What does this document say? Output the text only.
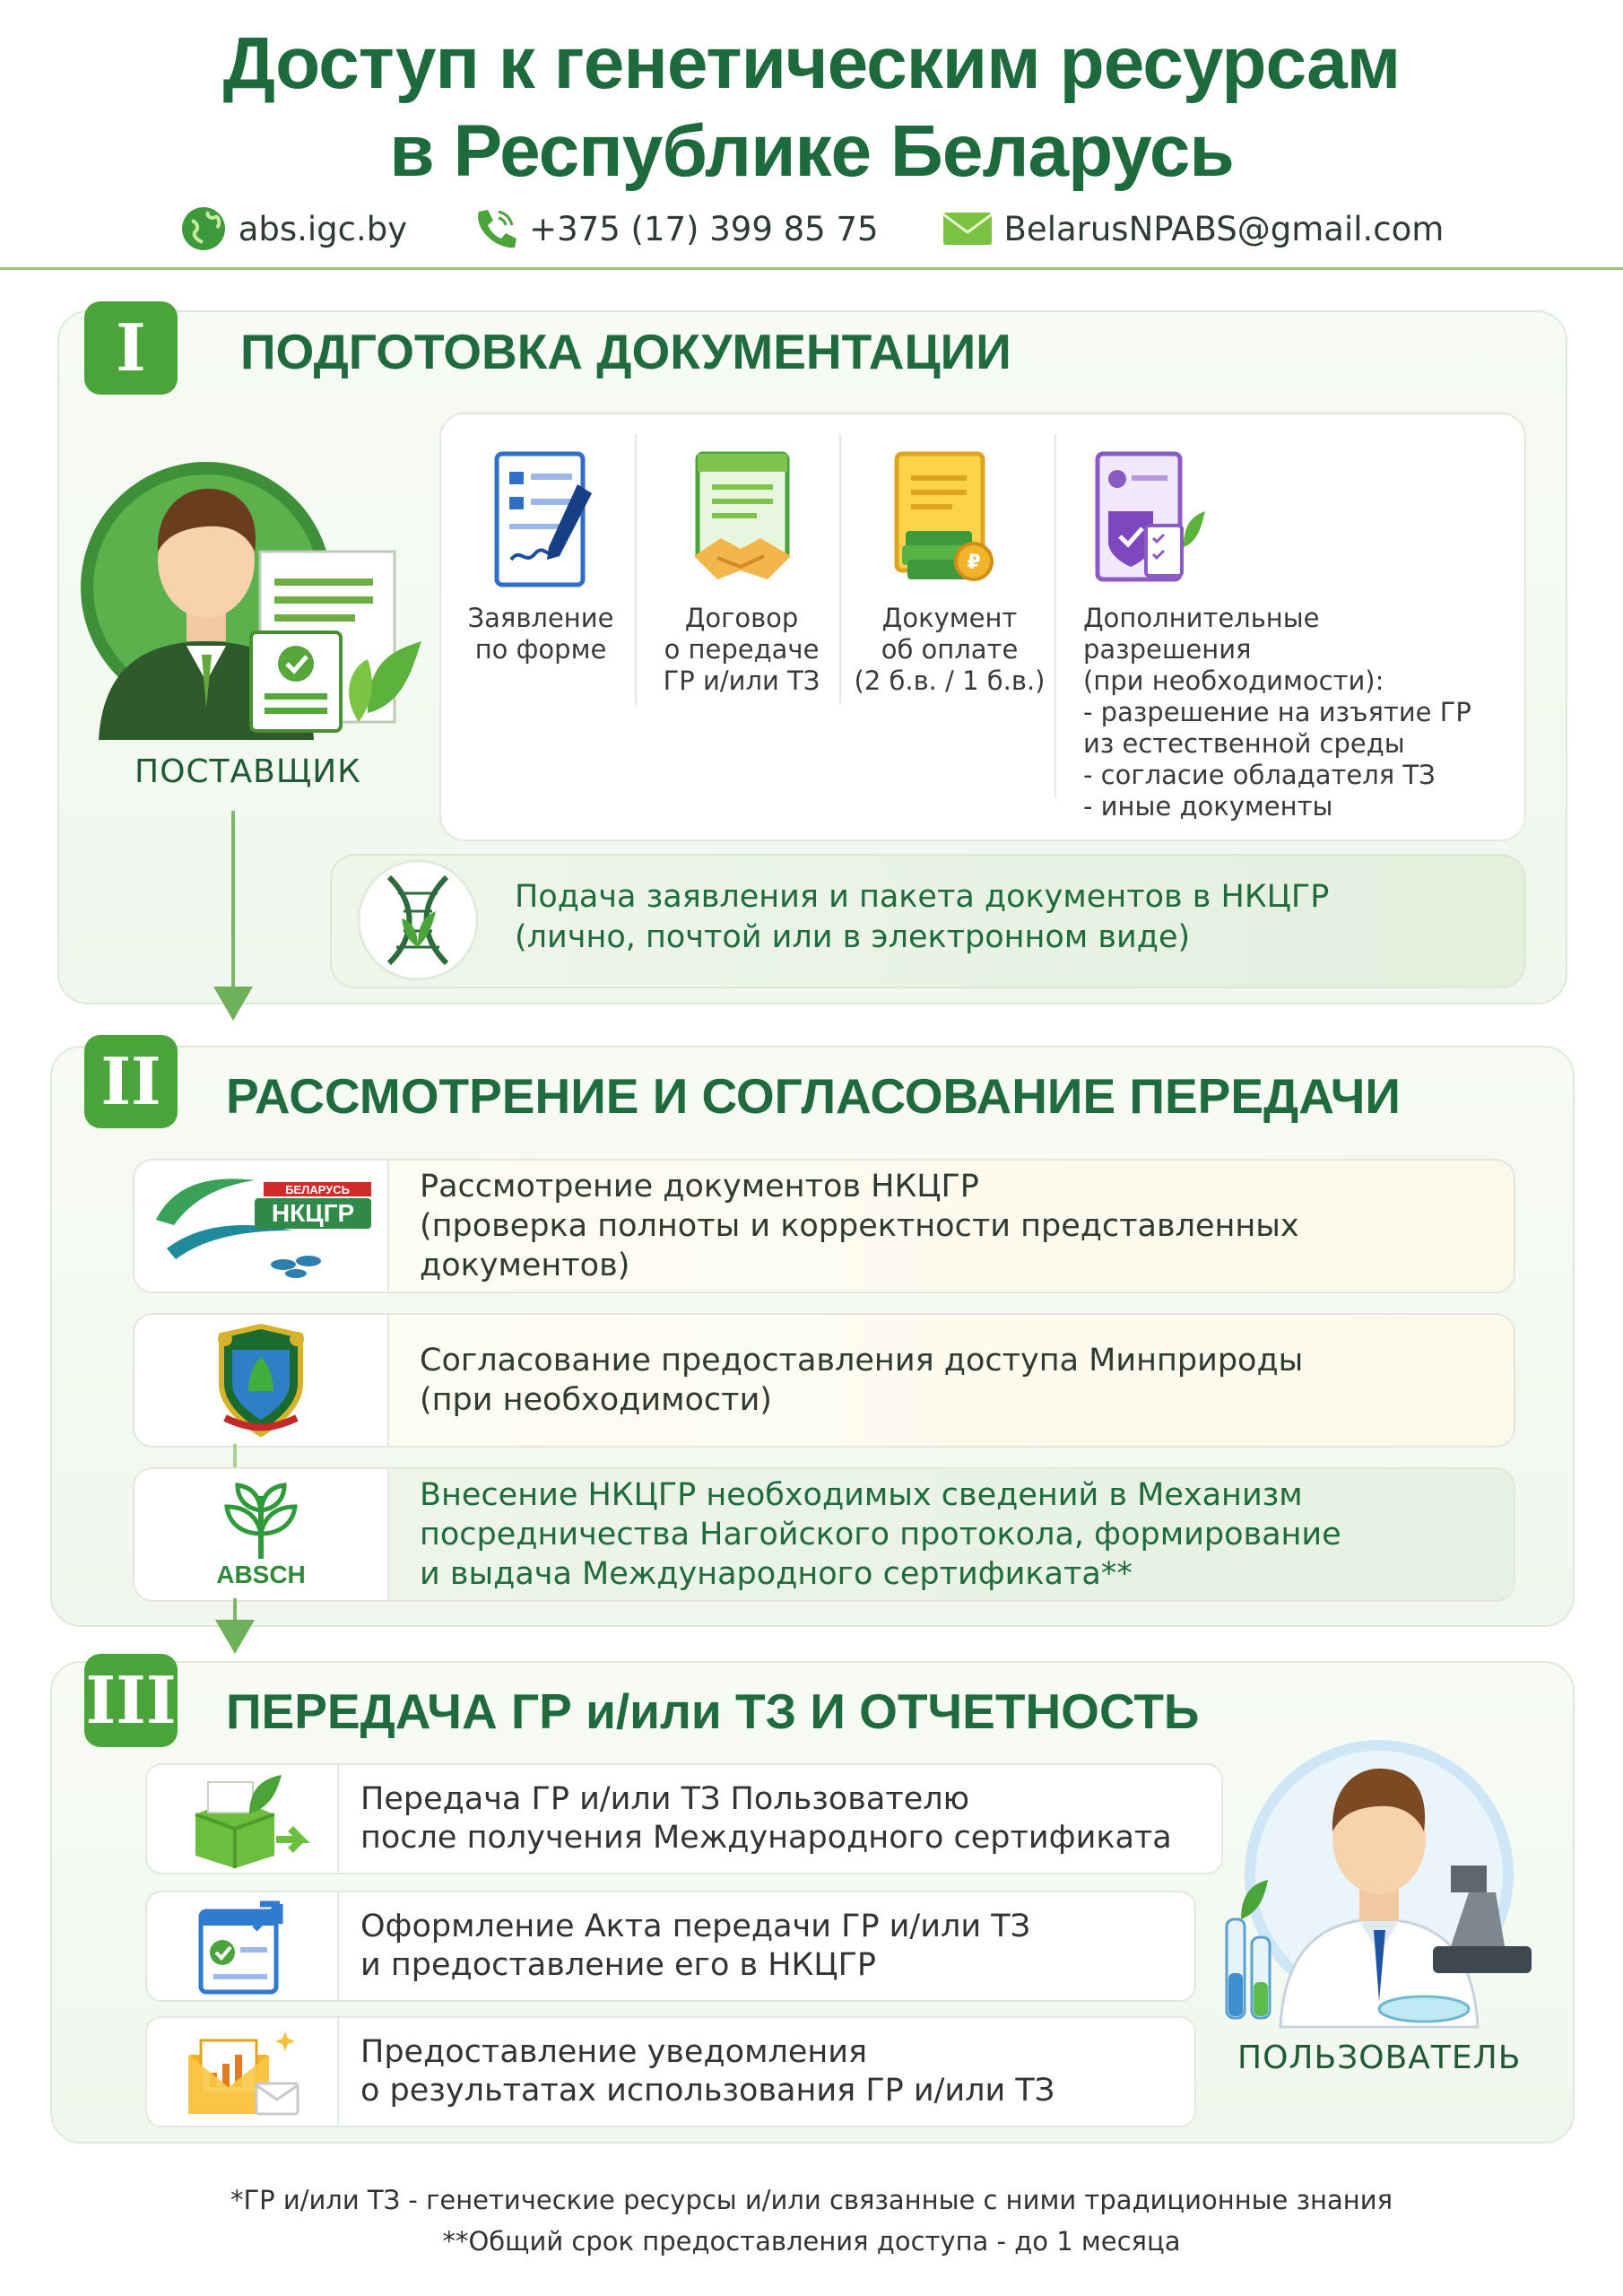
Доступ к генетическим ресурсам
в Республике Беларусь
abs.igc.by	+375 (17) 399 85 75	BelarusNPABS@gmail.com
I	ПОДГОТОВКА ДОКУМЕНТАЦИИ
ПОСТАВЩИК
Заявление
по форме
Договор
о передаче
ГР и/или ТЗ
₽
Документ
об оплате
(2 б.в. / 1 б.в.)
Дополнительные
разрешения
(при необходимости):
- разрешение на изъятие ГР
из естественной среды
- согласие обладателя ТЗ
- иные документы
Подача заявления и пакета документов в НКЦГР
(лично, почтой или в электронном виде)
II	РАССМОТРЕНИЕ И СОГЛАСОВАНИЕ ПЕРЕДАЧИ
БЕЛАРУСЬ
НКЦГР
Рассмотрение документов НКЦГР
(проверка полноты и корректности представленных документов)
Согласование предоставления доступа Минприроды
(при необходимости)
ABSCH
Внесение НКЦГР необходимых сведений в Механизм
посредничества Нагойского протокола, формирование
и выдача Международного сертификата**
III ПЕРЕДАЧА ГР и/или ТЗ И ОТЧЕТНОСТЬ
Передача ГР и/или ТЗ Пользователю
после получения Международного сертификата
Оформление Акта передачи ГР и/или ТЗ
и предоставление его в НКЦГР
Предоставление уведомления
о результатах использования ГР и/или ТЗ
ПОЛЬЗОВАТЕЛЬ
*ГР и/или ТЗ - генетические ресурсы и/или связанные с ними традиционные знания
**Общий срок предоставления доступа - до 1 месяца
